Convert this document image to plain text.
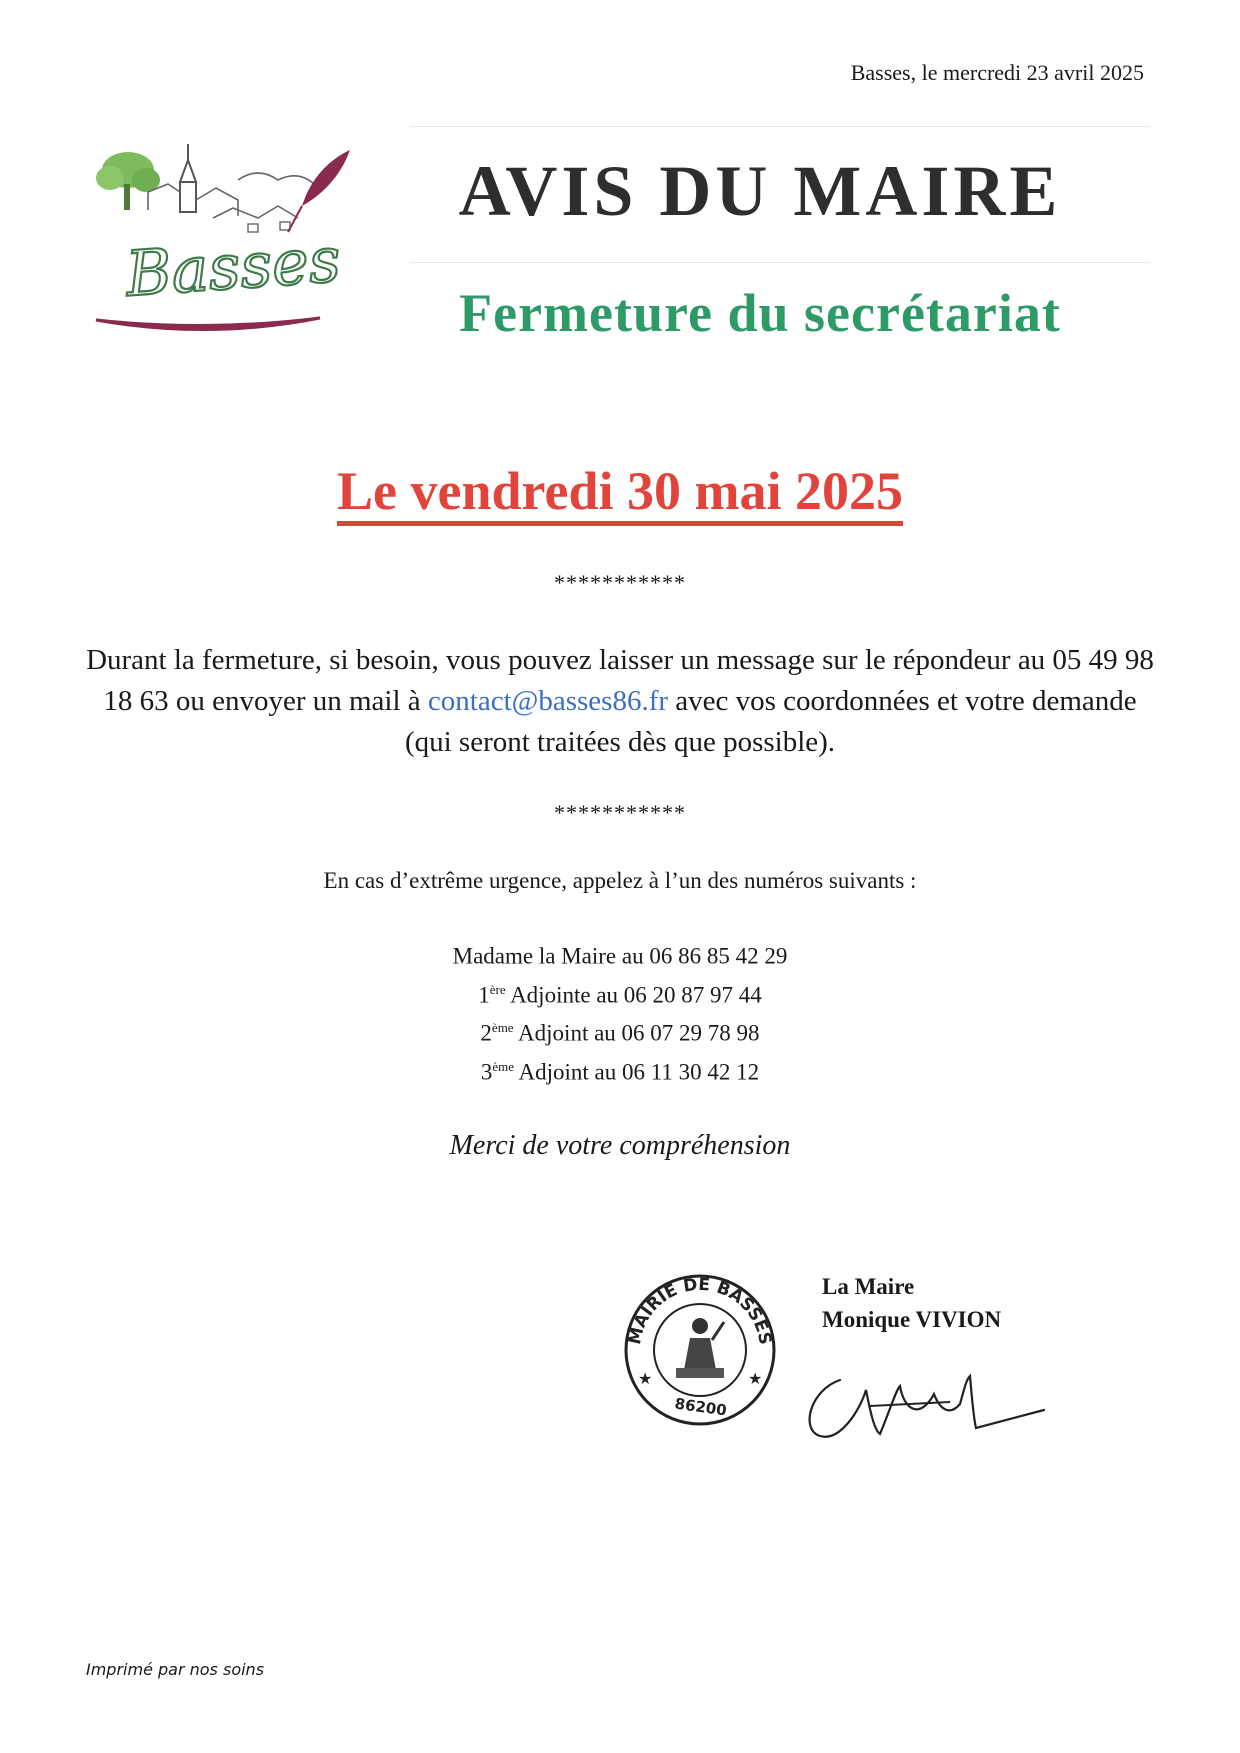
Basses, le mercredi 23 avril 2025
Basses
AVIS DU MAIRE
Fermeture du secrétariat
Le vendredi 30 mai 2025
***********
Durant la fermeture, si besoin, vous pouvez laisser un message sur le répondeur au 05 49 98 18 63 ou envoyer un mail à contact@basses86.fr avec vos coordonnées et votre demande (qui seront traitées dès que possible).
***********
En cas d’extrême urgence, appelez à l’un des numéros suivants :
Madame la Maire au 06 86 85 42 29
1ère Adjointe au 06 20 87 97 44
2ème Adjoint au 06 07 29 78 98
3ème Adjoint au 06 11 30 42 12
Merci de votre compréhension
MAIRIE DE BASSES
86200
★	★
La Maire
Monique VIVION
Imprimé par nos soins
